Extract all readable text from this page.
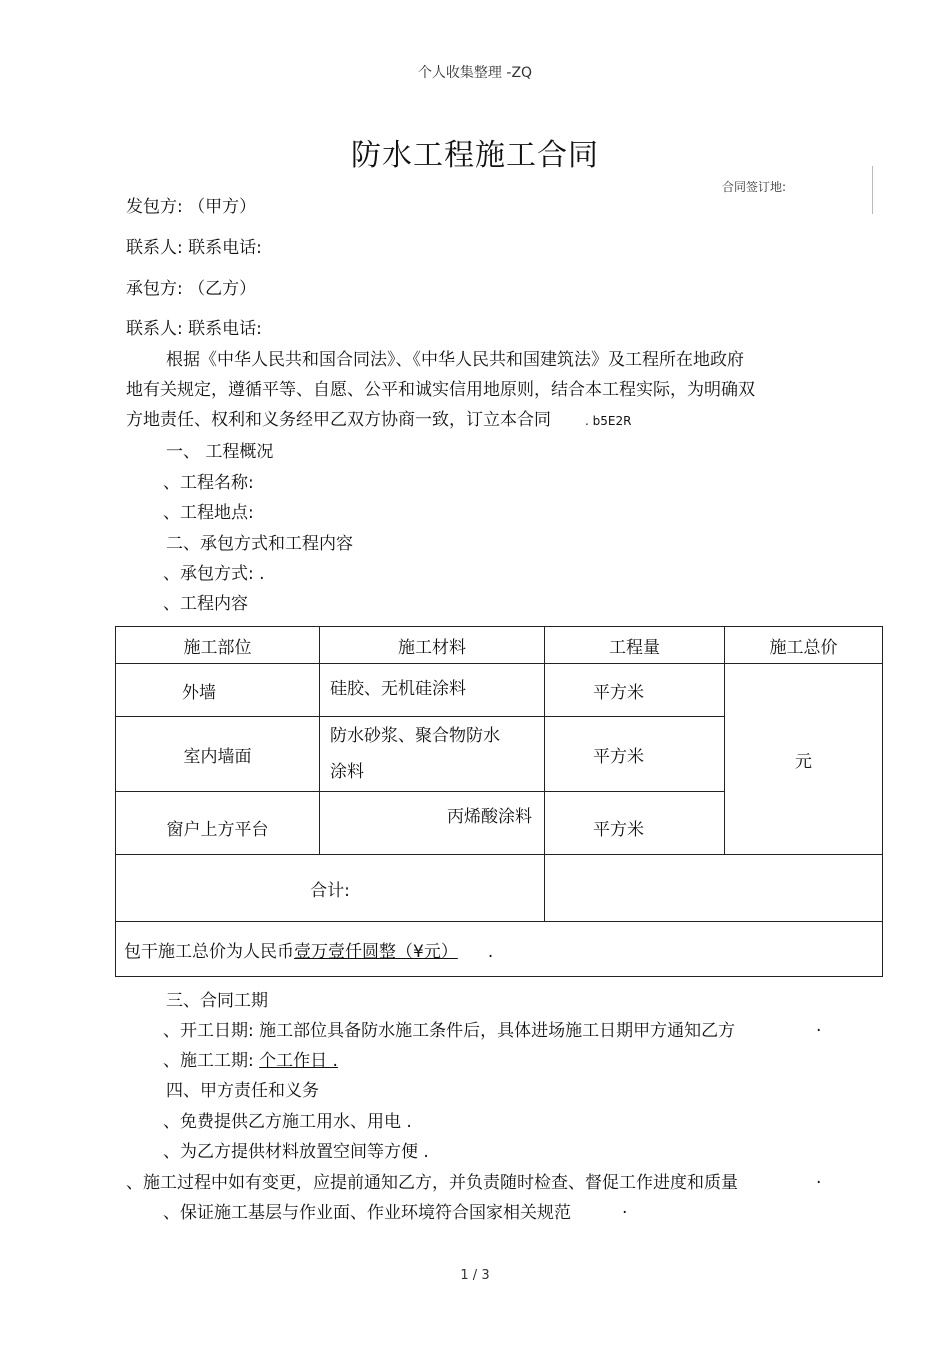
个人收集整理 -ZQ
防水工程施工合同
合同签订地:
发包方: （甲方）
联系人: 联系电话:
承包方: （乙方）
联系人: 联系电话:

根据《中华人民共和国合同法》、《中华人民共和国建筑法》及工程所在地政府

地有关规定，遵循平等、自愿、公平和诚实信用地原则，结合本工程实际，为明确双

方地责任、权利和义务经甲乙双方协商一致，订立本合同	. b5E2R

一、 工程概况
、工程名称:
、工程地点:
二、承包方式和工程内容
、承包方式: .
、工程内容
施工部位	施工材料	工程量	施工总价
外墙	硅胶、无机硅涂料	平方米	元
室内墙面	防水砂浆、聚合物防水
涂料	平方米	
窗户上方平台	丙烯酸涂料	平方米	
合计:			
包干施工总价为人民币壹万壹仟圆整（¥元） .			
三、合同工期
、开工日期: 施工部位具备防水施工条件后，具体进场施工日期甲方通知乙方	.
、施工工期: 个工作日 .
四、甲方责任和义务
、免费提供乙方施工用水、用电 .
、为乙方提供材料放置空间等方便 .
、施工过程中如有变更，应提前通知乙方，并负责随时检查、督促工作进度和质量	.
、保证施工基层与作业面、作业环境符合国家相关规范	.
1 / 3
